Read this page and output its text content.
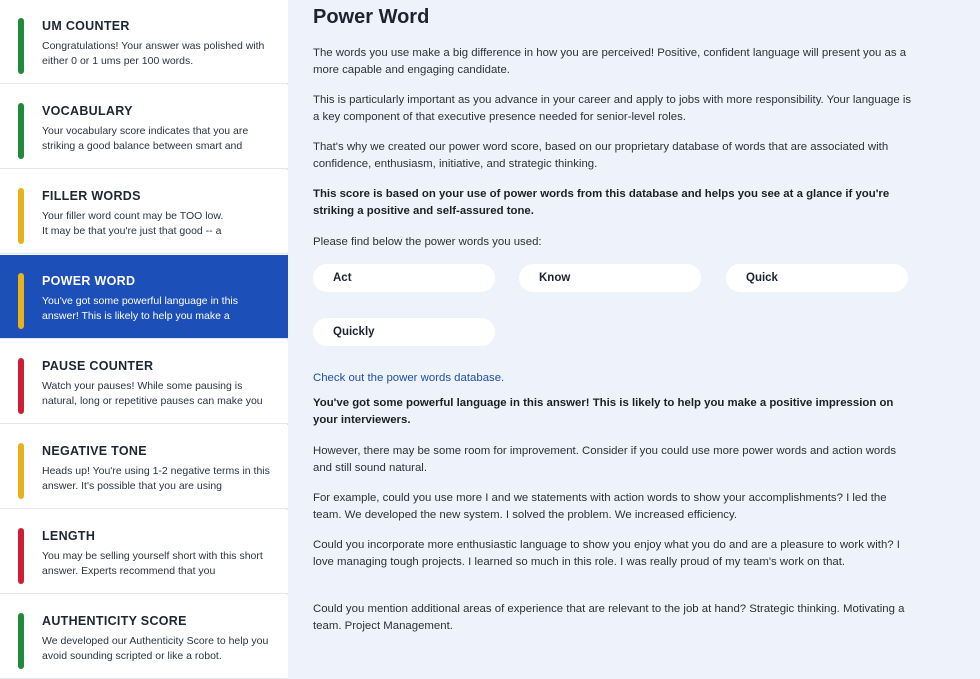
UM COUNTER
Congratulations! Your answer was polished with either 0 or 1 ums per 100 words.
VOCABULARY
Your vocabulary score indicates that you are striking a good balance between smart and
FILLER WORDS
Your filler word count may be TOO low.
It may be that you're just that good -- a
POWER WORD
You've got some powerful language in this answer! This is likely to help you make a
PAUSE COUNTER
Watch your pauses! While some pausing is natural, long or repetitive pauses can make you
NEGATIVE TONE
Heads up! You're using 1-2 negative terms in this answer. It's possible that you are using
LENGTH
You may be selling yourself short with this short answer. Experts recommend that you
AUTHENTICITY SCORE
We developed our Authenticity Score to help you avoid sounding scripted or like a robot.
Power Word

The words you use make a big difference in how you are perceived! Positive, confident language will present you as a more capable and engaging candidate.

This is particularly important as you advance in your career and apply to jobs with more responsibility. Your language is a key component of that executive presence needed for senior-level roles.

That's why we created our power word score, based on our proprietary database of words that are associated with confidence, enthusiasm, initiative, and strategic thinking.

This score is based on your use of power words from this database and helps you see at a glance if you're striking a positive and self-assured tone.

Please find below the power words you used:

Act	Know	Quick
Quickly
Check out the power words database.

You've got some powerful language in this answer! This is likely to help you make a positive impression on your interviewers.

However, there may be some room for improvement. Consider if you could use more power words and action words and still sound natural.

For example, could you use more I and we statements with action words to show your accomplishments? I led the team. We developed the new system. I solved the problem. We increased efficiency.

Could you incorporate more enthusiastic language to show you enjoy what you do and are a pleasure to work with? I love managing tough projects. I learned so much in this role. I was really proud of my team's work on that.

Could you mention additional areas of experience that are relevant to the job at hand? Strategic thinking. Motivating a team. Project Management.
